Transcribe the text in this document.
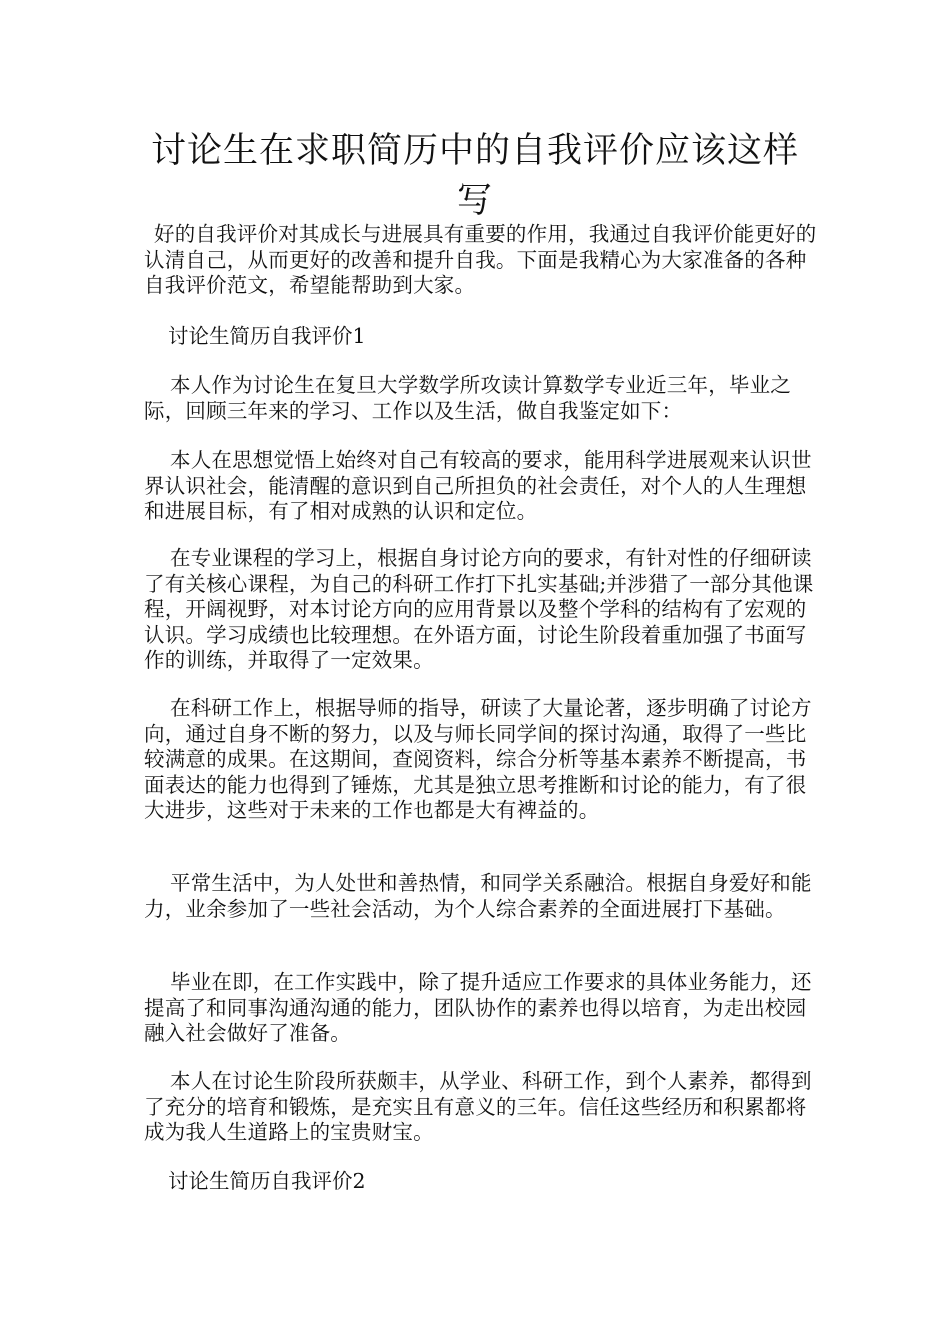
讨论生在求职简历中的自我评价应该这样写

好的自我评价对其成长与进展具有重要的作用，我通过自我评价能更好的认清自己，从而更好的改善和提升自我。下面是我精心为大家准备的各种自我评价范文，希望能帮助到大家。

讨论生简历自我评价1

本人作为讨论生在复旦大学数学所攻读计算数学专业近三年，毕业之际，回顾三年来的学习、工作以及生活，做自我鉴定如下：

本人在思想觉悟上始终对自己有较高的要求，能用科学进展观来认识世界认识社会，能清醒的意识到自己所担负的社会责任，对个人的人生理想和进展目标，有了相对成熟的认识和定位。

在专业课程的学习上，根据自身讨论方向的要求，有针对性的仔细研读了有关核心课程，为自己的科研工作打下扎实基础;并涉猎了一部分其他课程，开阔视野，对本讨论方向的应用背景以及整个学科的结构有了宏观的认识。学习成绩也比较理想。在外语方面，讨论生阶段着重加强了书面写作的训练，并取得了一定效果。

在科研工作上，根据导师的指导，研读了大量论著，逐步明确了讨论方向，通过自身不断的努力，以及与师长同学间的探讨沟通，取得了一些比较满意的成果。在这期间，查阅资料，综合分析等基本素养不断提高，书面表达的能力也得到了锤炼，尤其是独立思考推断和讨论的能力，有了很大进步，这些对于未来的工作也都是大有裨益的。

平常生活中，为人处世和善热情，和同学关系融洽。根据自身爱好和能力，业余参加了一些社会活动，为个人综合素养的全面进展打下基础。

毕业在即，在工作实践中，除了提升适应工作要求的具体业务能力，还提高了和同事沟通沟通的能力，团队协作的素养也得以培育，为走出校园融入社会做好了准备。

本人在讨论生阶段所获颇丰，从学业、科研工作，到个人素养，都得到了充分的培育和锻炼，是充实且有意义的三年。信任这些经历和积累都将成为我人生道路上的宝贵财宝。

讨论生简历自我评价2
